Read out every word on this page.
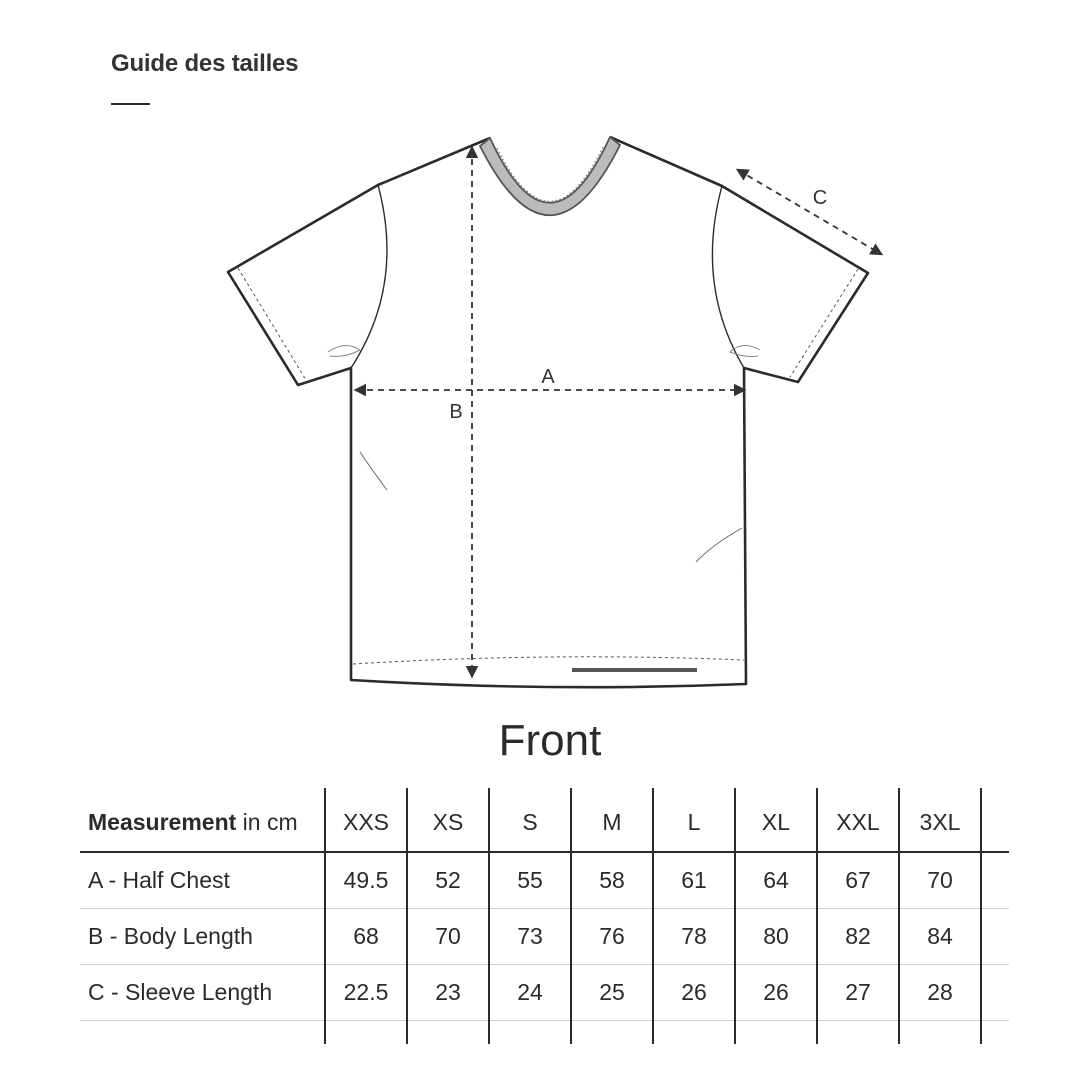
Guide des tailles
A
B
C
Front
Measurement in cm	XXS	XS	S	M	L	XL	XXL	3XL	
A - Half Chest	49.5	52	55	58	61	64	67	70	
B - Body Length	68	70	73	76	78	80	82	84	
C - Sleeve Length	22.5	23	24	25	26	26	27	28	
